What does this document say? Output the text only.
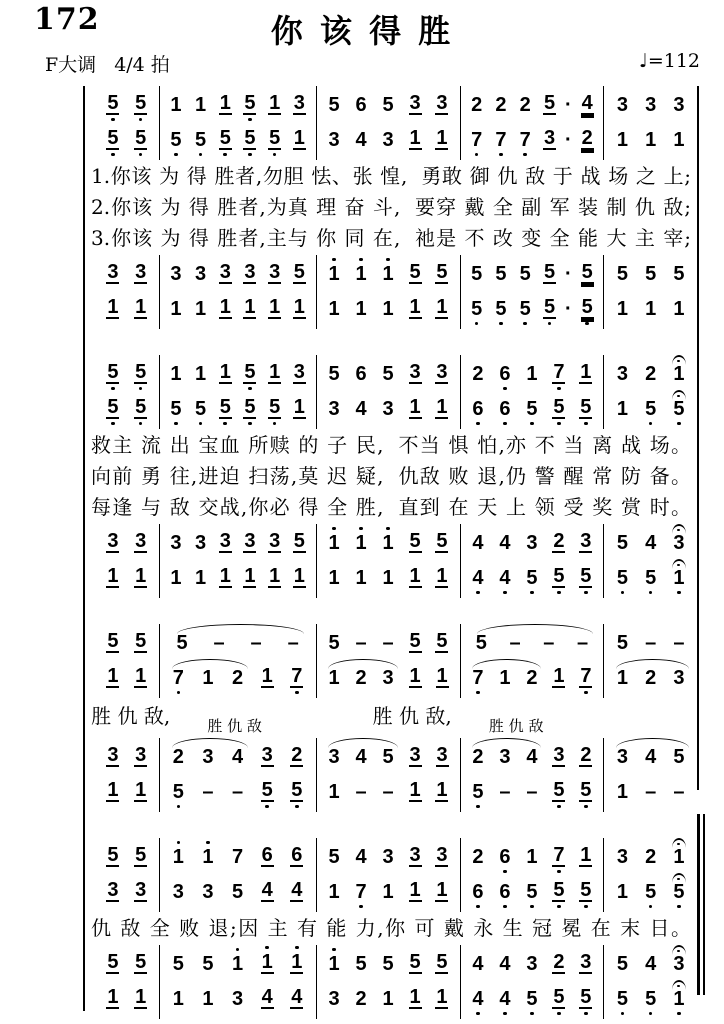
172	你 该 得 胜
F大调 4/4 拍	♩=112
5 5
5 5
1 1 1 5 1 3
5 5 5 5 5 1
5 6 5 3 3
3 4 3 1 1
2 2 2 5 · 4
7 7 7 3 · 2
3 3 3
1 1 1
1.你该 为 得 胜者,勿胆 怯、张 惶,  勇敢 御 仇 敌 于 战 场 之 上;
2.你该 为 得 胜者,为真 理 奋 斗,  要穿 戴 全 副 军 装 制 仇 敌;
3.你该 为 得 胜者,主与 你 同 在,  祂是 不 改 变 全 能 大 主 宰;
3 3
1 1
3 3 3 3 3 5
1 1 1 1 1 1
1 1 1 5 5
1 1 1 1 1
5 5 5 5 · 5
5 5 5 5 · 5
5 5 5
1 1 1
5 5
5 5
1 1 1 5 1 3
5 5 5 5 5 1
5 6 5 3 3
3 4 3 1 1
2 6 1 7 1
6 6 5 5 5
3 2 1
1 5 5
救主 流 出 宝血 所赎 的 子 民,  不当 惧 怕,亦 不 当 离 战 场。
向前 勇 往,进迫 扫荡,莫 迟 疑,  仇敌 败 退,仍 警 醒 常 防 备。
每逢 与 敌 交战,你必 得 全 胜,  直到 在 天 上 领 受 奖 赏 时。
3 3
1 1
3 3 3 3 3 5
1 1 1 1 1 1
1 1 1 5 5
1 1 1 1 1
4 4 3 2 3
4 4 5 5 5
5 4 3
5 5 1
5 5
1 1
5 – – –
7 1 2 1 7
5 – – 5 5
1 2 3 1 1
5 – – –
7 1 2 1 7
5 – –
1 2 3
胜 仇 敌, 胜 仇 敌	胜 仇 敌, 胜 仇 敌
3 3
1 1
2 3 4 3 2
5 – – 5 5
3 4 5 3 3
1 – – 1 1
2 3 4 3 2
5 – – 5 5
3 4 5
1 – –
5 5
3 3
1 1 7 6 6
3 3 5 4 4
5 4 3 3 3
1 7 1 1 1
2 6 1 7 1
6 6 5 5 5
3 2 1
1 5 5
仇 敌 全 败 退;因 主 有 能 力,你 可 戴 永 生 冠 冕 在 末 日。
5 5
1 1
5 5 1 1 1
1 1 3 4 4
1 5 5 5 5
3 2 1 1 1
4 4 3 2 3
4 4 5 5 5
5 4 3
5 5 1
